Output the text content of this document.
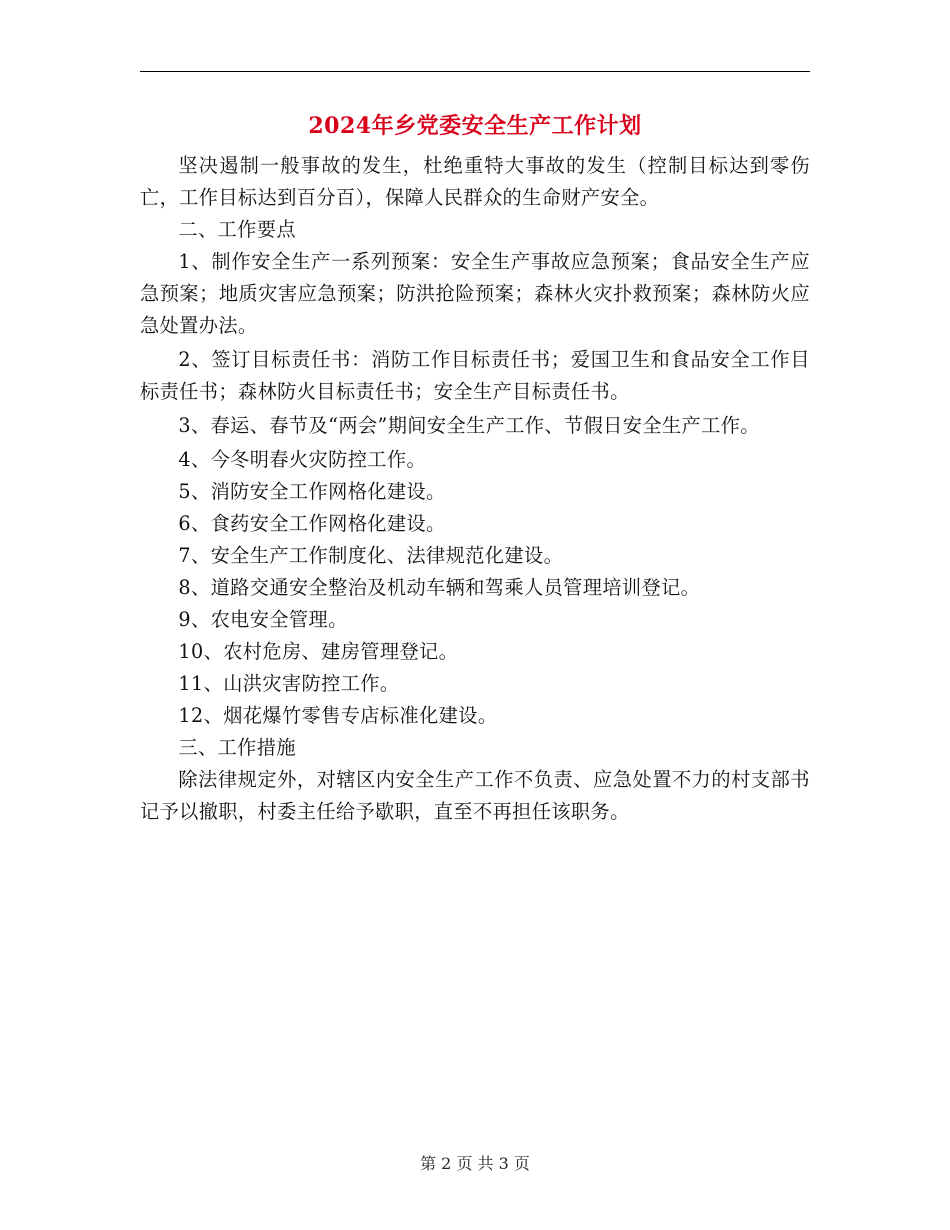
2024年乡党委安全生产工作计划

坚决遏制一般事故的发生，杜绝重特大事故的发生（控制目标达到零伤亡，工作目标达到百分百），保障人民群众的生命财产安全。

二、工作要点

1、制作安全生产一系列预案：安全生产事故应急预案；食品安全生产应急预案；地质灾害应急预案；防洪抢险预案；森林火灾扑救预案；森林防火应急处置办法。

2、签订目标责任书：消防工作目标责任书；爱国卫生和食品安全工作目标责任书；森林防火目标责任书；安全生产目标责任书。

3、春运、春节及“两会”期间安全生产工作、节假日安全生产工作。

4、今冬明春火灾防控工作。

5、消防安全工作网格化建设。

6、食药安全工作网格化建设。

7、安全生产工作制度化、法律规范化建设。

8、道路交通安全整治及机动车辆和驾乘人员管理培训登记。

9、农电安全管理。

10、农村危房、建房管理登记。

11、山洪灾害防控工作。

12、烟花爆竹零售专店标准化建设。

三、工作措施

除法律规定外，对辖区内安全生产工作不负责、应急处置不力的村支部书记予以撤职，村委主任给予歇职，直至不再担任该职务。

第 2 页 共 3 页
